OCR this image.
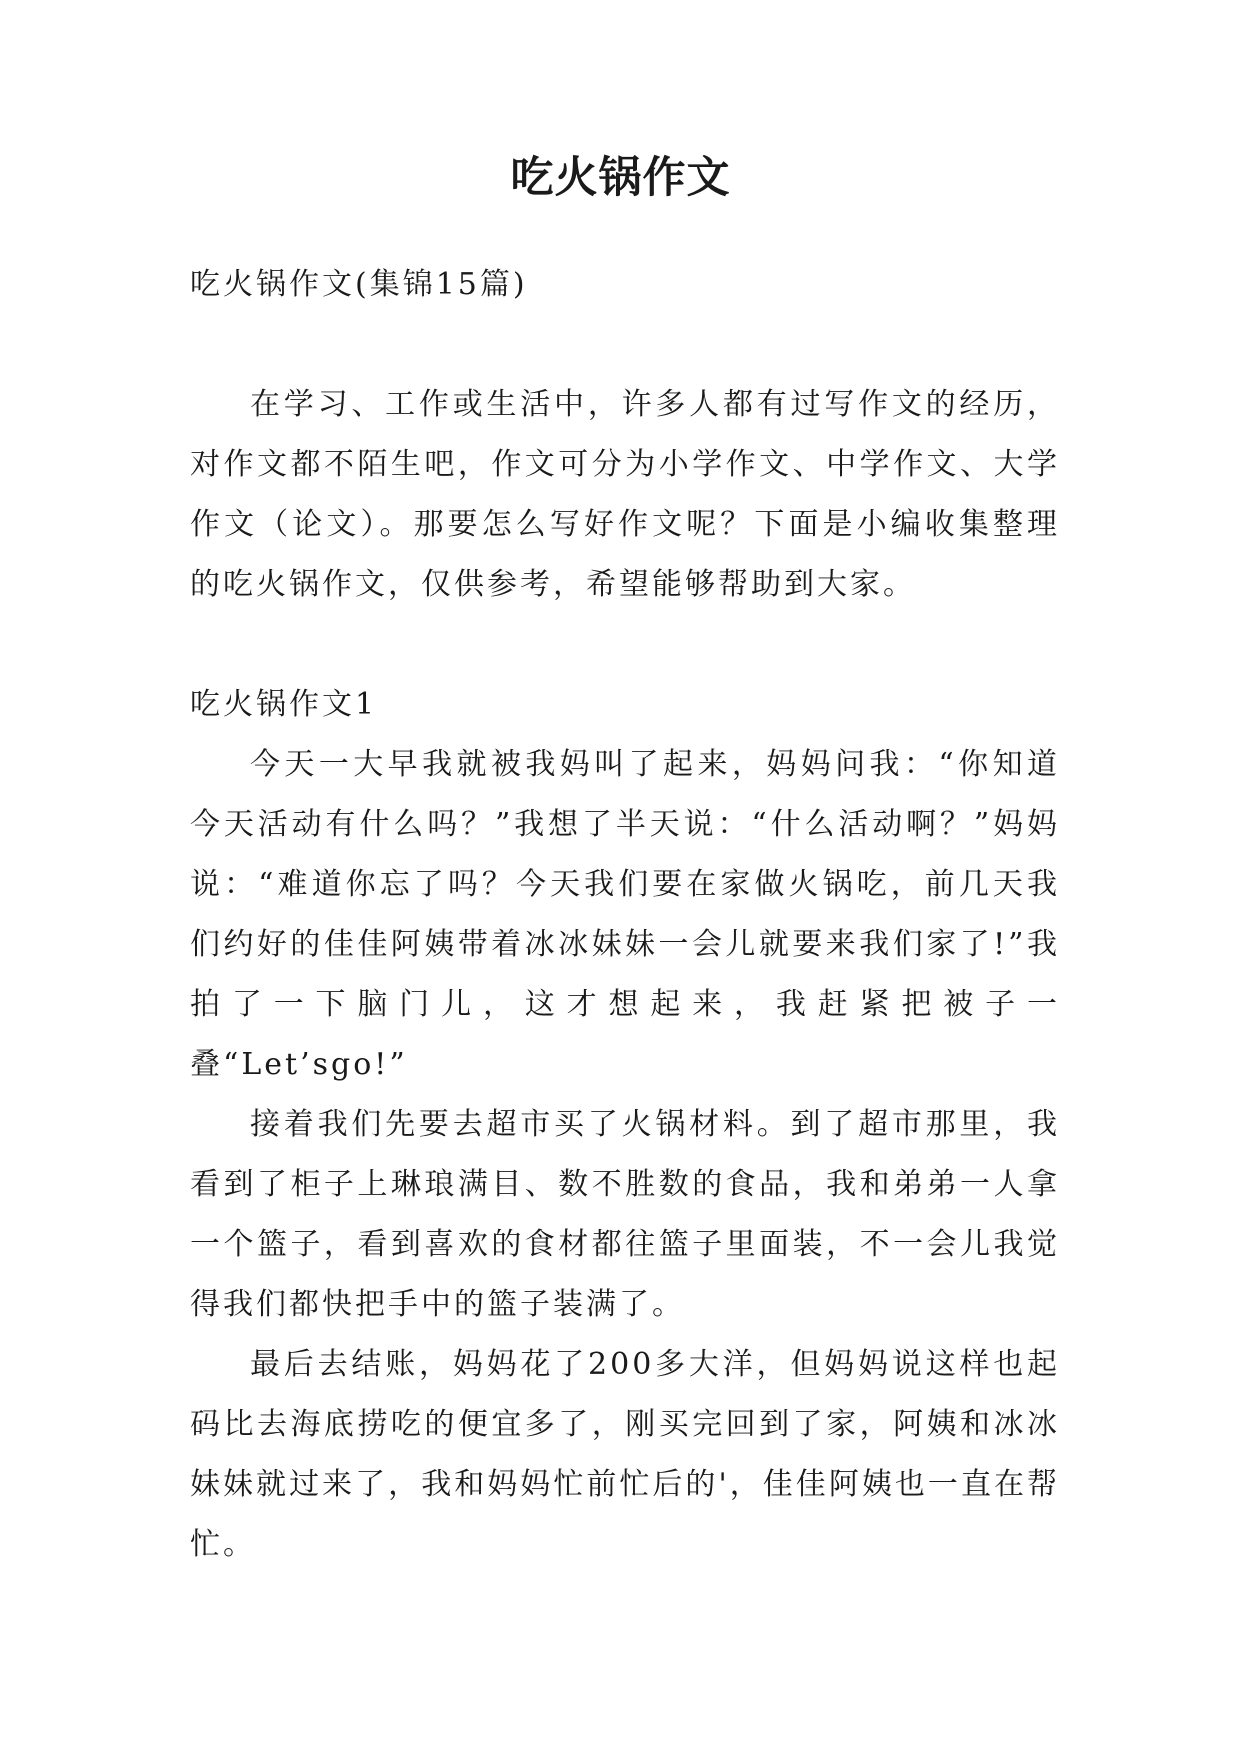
吃火锅作文

吃火锅作文(集锦15篇)

在学习、工作或生活中，许多人都有过写作文的经历，对作文都不陌生吧，作文可分为小学作文、中学作文、大学作文（论文）。那要怎么写好作文呢？下面是小编收集整理的吃火锅作文，仅供参考，希望能够帮助到大家。

吃火锅作文1

今天一大早我就被我妈叫了起来，妈妈问我：“你知道今天活动有什么吗？”我想了半天说：“什么活动啊？”妈妈说：“难道你忘了吗？今天我们要在家做火锅吃，前几天我们约好的佳佳阿姨带着冰冰妹妹一会儿就要来我们家了!”我拍了一下脑门儿，这才想起来，我赶紧把被子一叠“Let’sgo!”

接着我们先要去超市买了火锅材料。到了超市那里，我看到了柜子上琳琅满目、数不胜数的食品，我和弟弟一人拿一个篮子，看到喜欢的食材都往篮子里面装，不一会儿我觉得我们都快把手中的篮子装满了。

最后去结账，妈妈花了200多大洋，但妈妈说这样也起码比去海底捞吃的便宜多了，刚买完回到了家，阿姨和冰冰妹妹就过来了，我和妈妈忙前忙后的'，佳佳阿姨也一直在帮忙。
